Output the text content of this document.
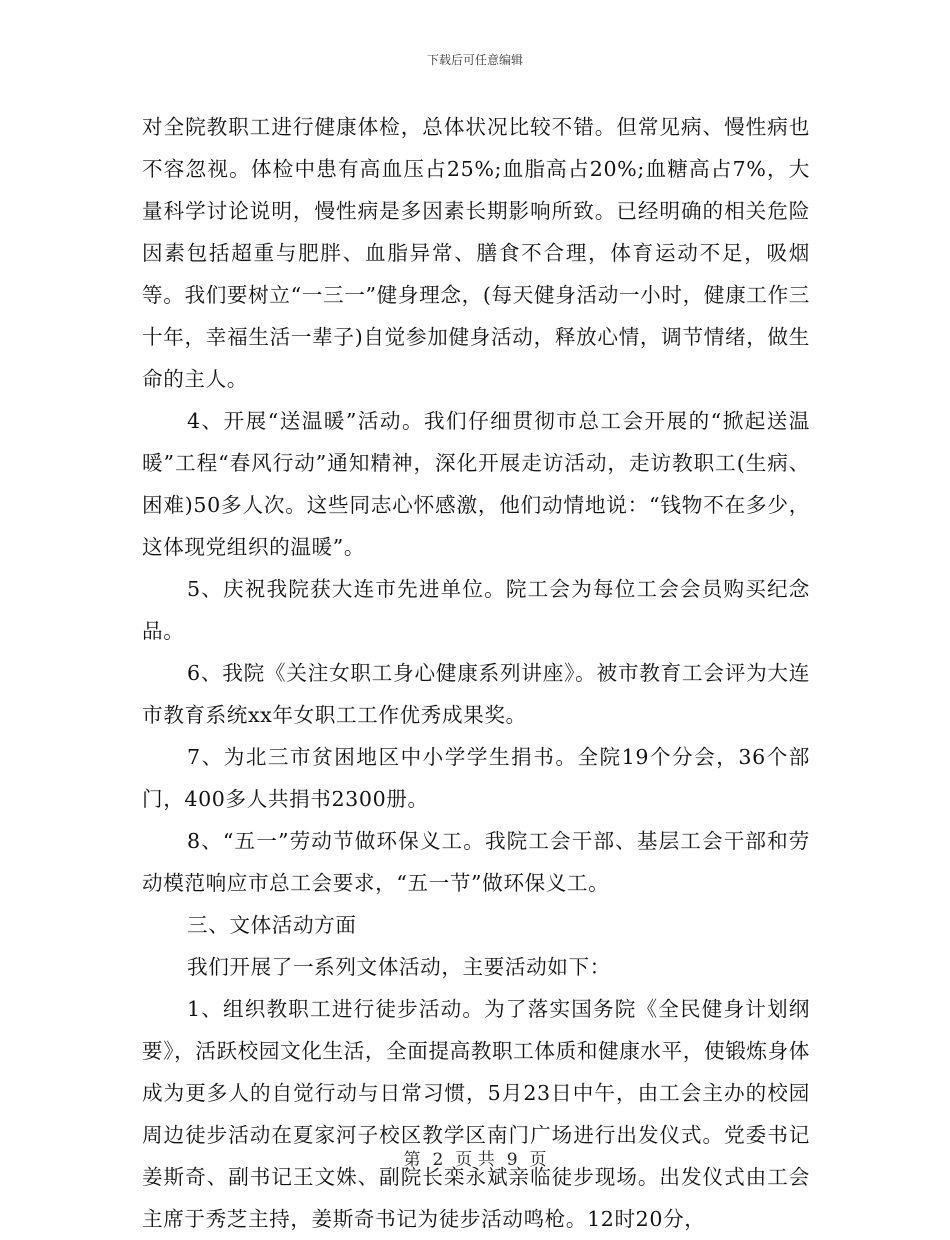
下载后可任意编辑

对全院教职工进行健康体检，总体状况比较不错。但常见病、慢性病也不容忽视。体检中患有高血压占25%;血脂高占20%;血糖高占7%，大量科学讨论说明，慢性病是多因素长期影响所致。已经明确的相关危险因素包括超重与肥胖、血脂异常、膳食不合理，体育运动不足，吸烟等。我们要树立“一三一”健身理念，(每天健身活动一小时，健康工作三十年，幸福生活一辈子)自觉参加健身活动，释放心情，调节情绪，做生命的主人。

4、开展“送温暖”活动。我们仔细贯彻市总工会开展的“掀起送温暖”工程“春风行动”通知精神，深化开展走访活动，走访教职工(生病、困难)50多人次。这些同志心怀感激，他们动情地说：“钱物不在多少，这体现党组织的温暖”。

5、庆祝我院获大连市先进单位。院工会为每位工会会员购买纪念品。

6、我院《关注女职工身心健康系列讲座》。被市教育工会评为大连市教育系统xx年女职工工作优秀成果奖。

7、为北三市贫困地区中小学学生捐书。全院19个分会，36个部门，400多人共捐书2300册。

8、“五一”劳动节做环保义工。我院工会干部、基层工会干部和劳动模范响应市总工会要求，“五一节”做环保义工。

三、文体活动方面

我们开展了一系列文体活动，主要活动如下：

1、组织教职工进行徒步活动。为了落实国务院《全民健身计划纲要》，活跃校园文化生活，全面提高教职工体质和健康水平，使锻炼身体成为更多人的自觉行动与日常习惯，5月23日中午，由工会主办的校园周边徒步活动在夏家河子校区教学区南门广场进行出发仪式。党委书记姜斯奇、副书记王文姝、副院长栾永斌亲临徒步现场。出发仪式由工会主席于秀芝主持，姜斯奇书记为徒步活动鸣枪。12时20分，

第 2 页 共 9 页
